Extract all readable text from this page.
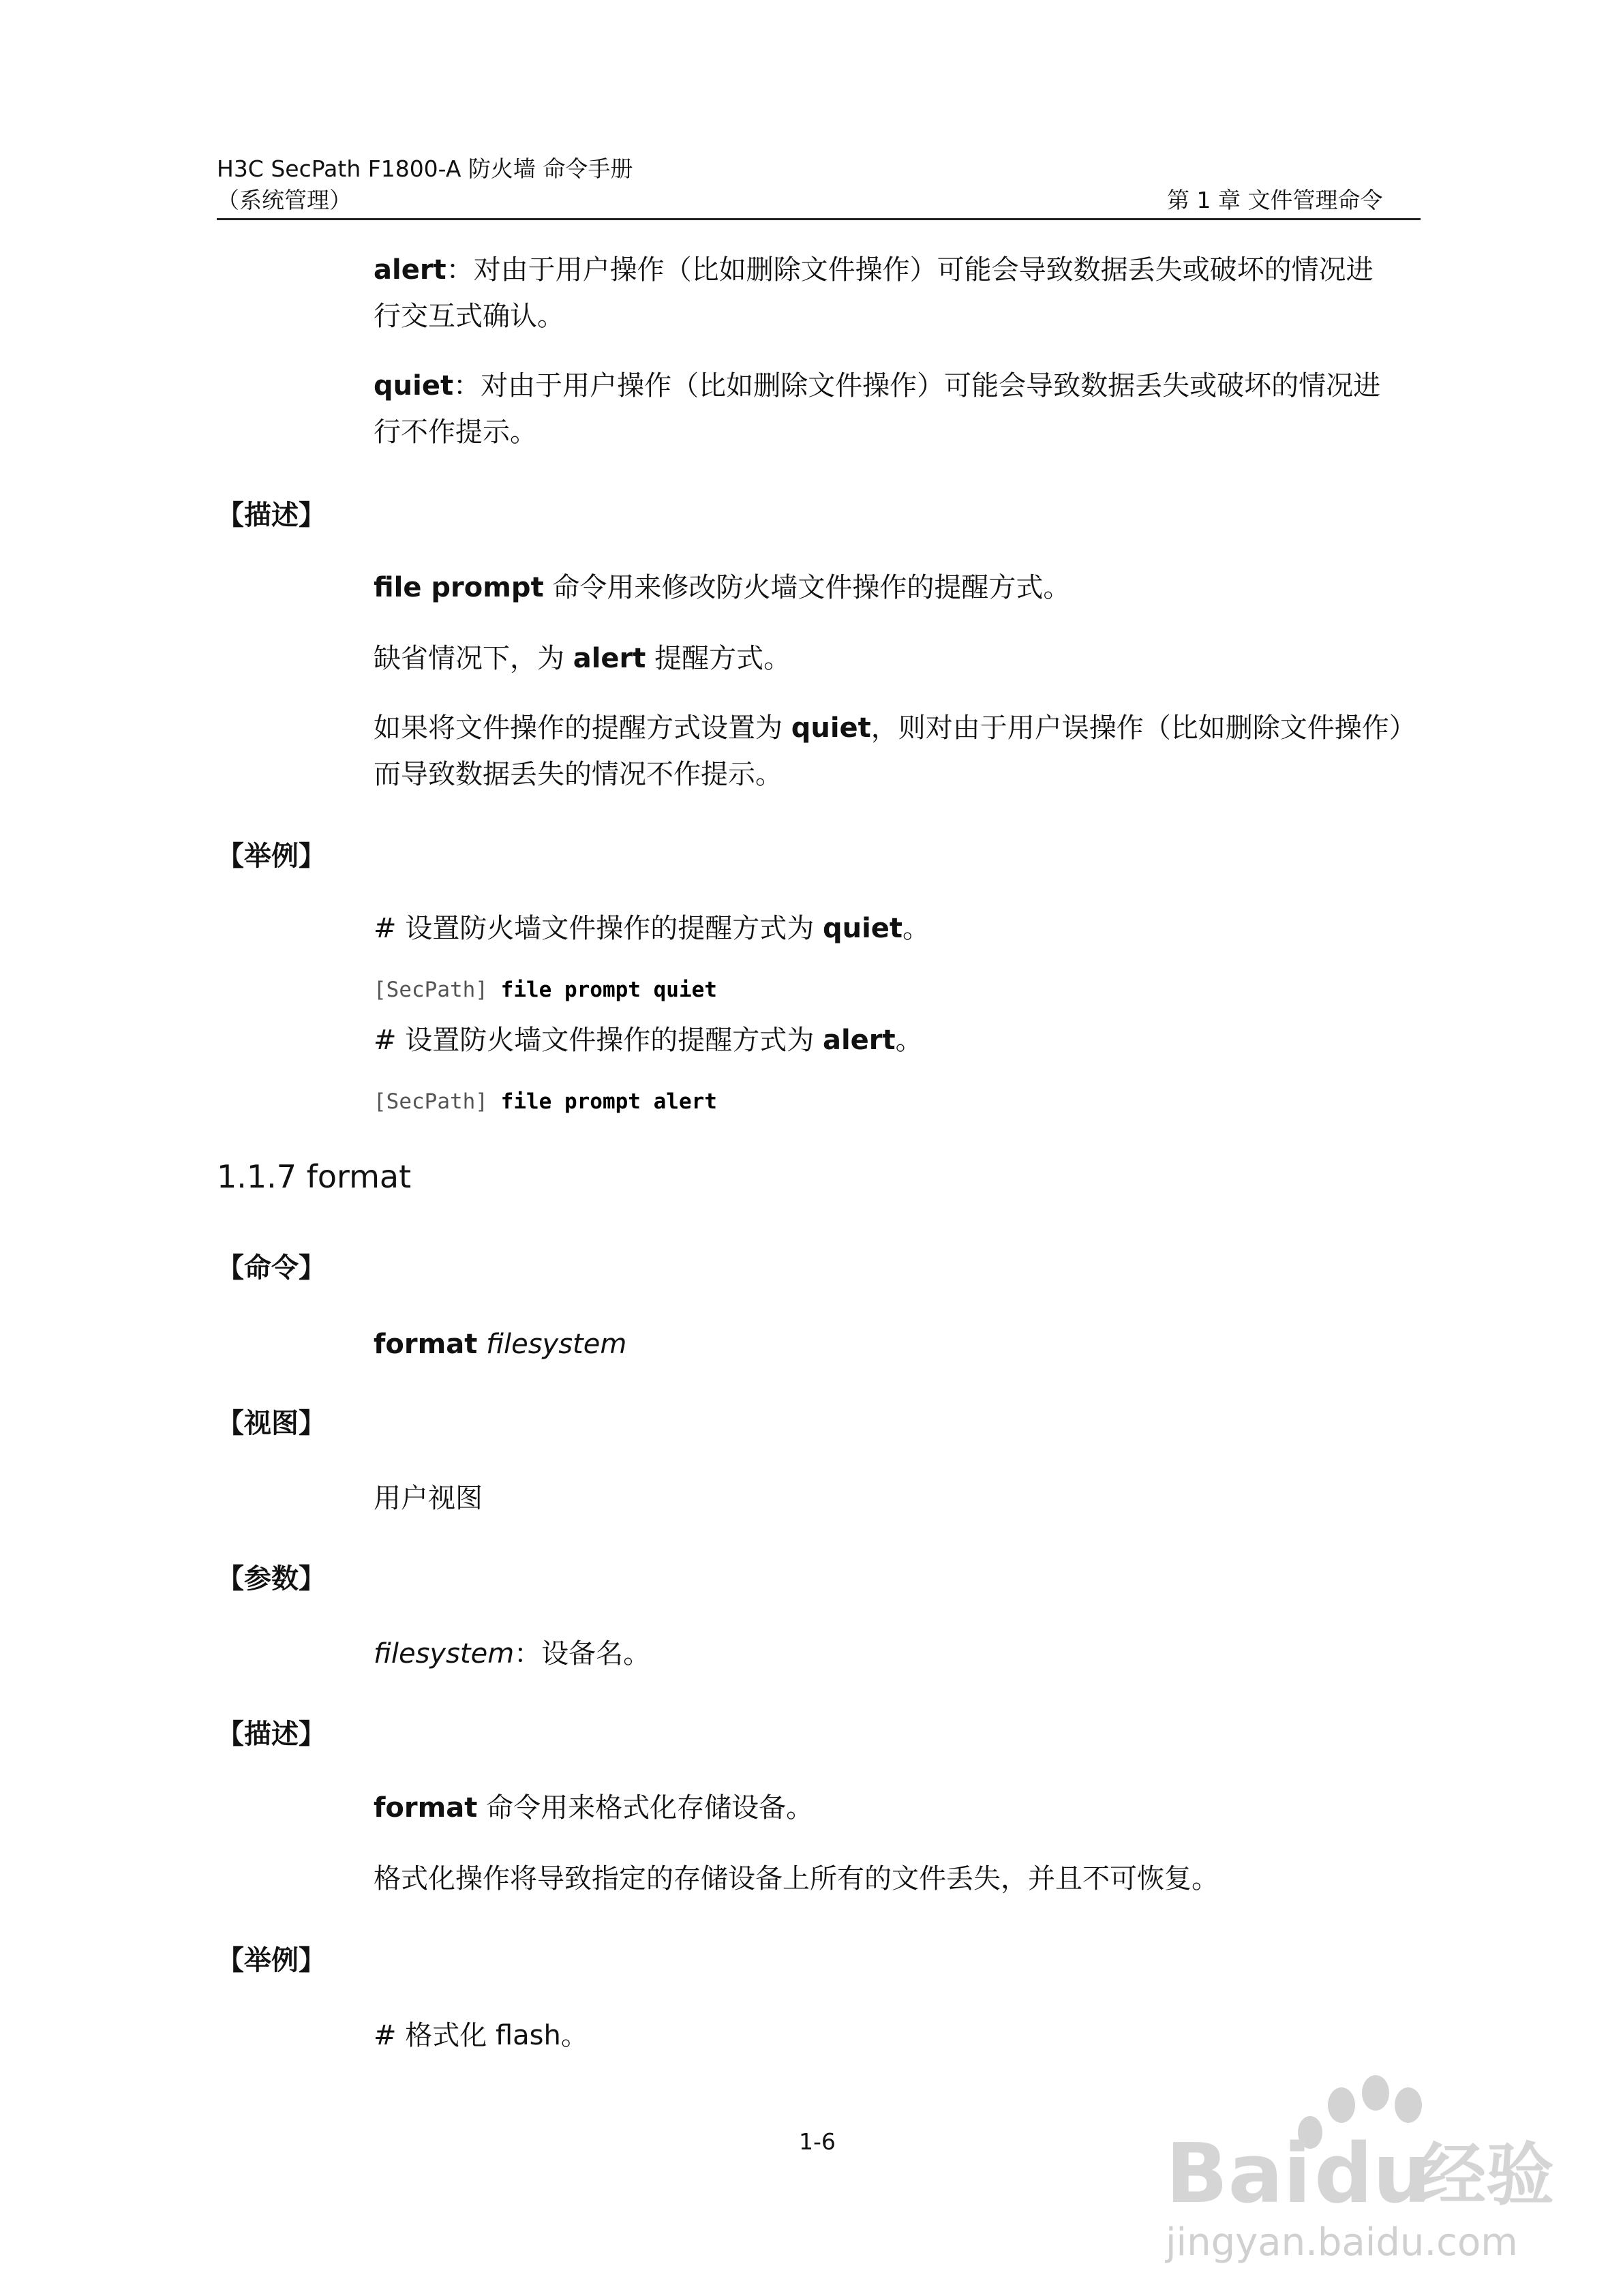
H3C SecPath F1800-A 防火墙 命令手册
（系统管理）	第 1 章 文件管理命令
alert：对由于用户操作（比如删除文件操作）可能会导致数据丢失或破坏的情况进
行交互式确认。
quiet：对由于用户操作（比如删除文件操作）可能会导致数据丢失或破坏的情况进
行不作提示。
【描述】
file prompt 命令用来修改防火墙文件操作的提醒方式。
缺省情况下，为 alert 提醒方式。
如果将文件操作的提醒方式设置为 quiet，则对由于用户误操作（比如删除文件操作）
而导致数据丢失的情况不作提示。
【举例】
# 设置防火墙文件操作的提醒方式为 quiet。
[SecPath] file prompt quiet
# 设置防火墙文件操作的提醒方式为 alert。
[SecPath] file prompt alert
1.1.7 format
【命令】
format filesystem
【视图】
用户视图
【参数】
filesystem：设备名。
【描述】
format 命令用来格式化存储设备。
格式化操作将导致指定的存储设备上所有的文件丢失，并且不可恢复。
【举例】
# 格式化 flash。
1-6	Bai du
经验
jingyan.baidu.com
